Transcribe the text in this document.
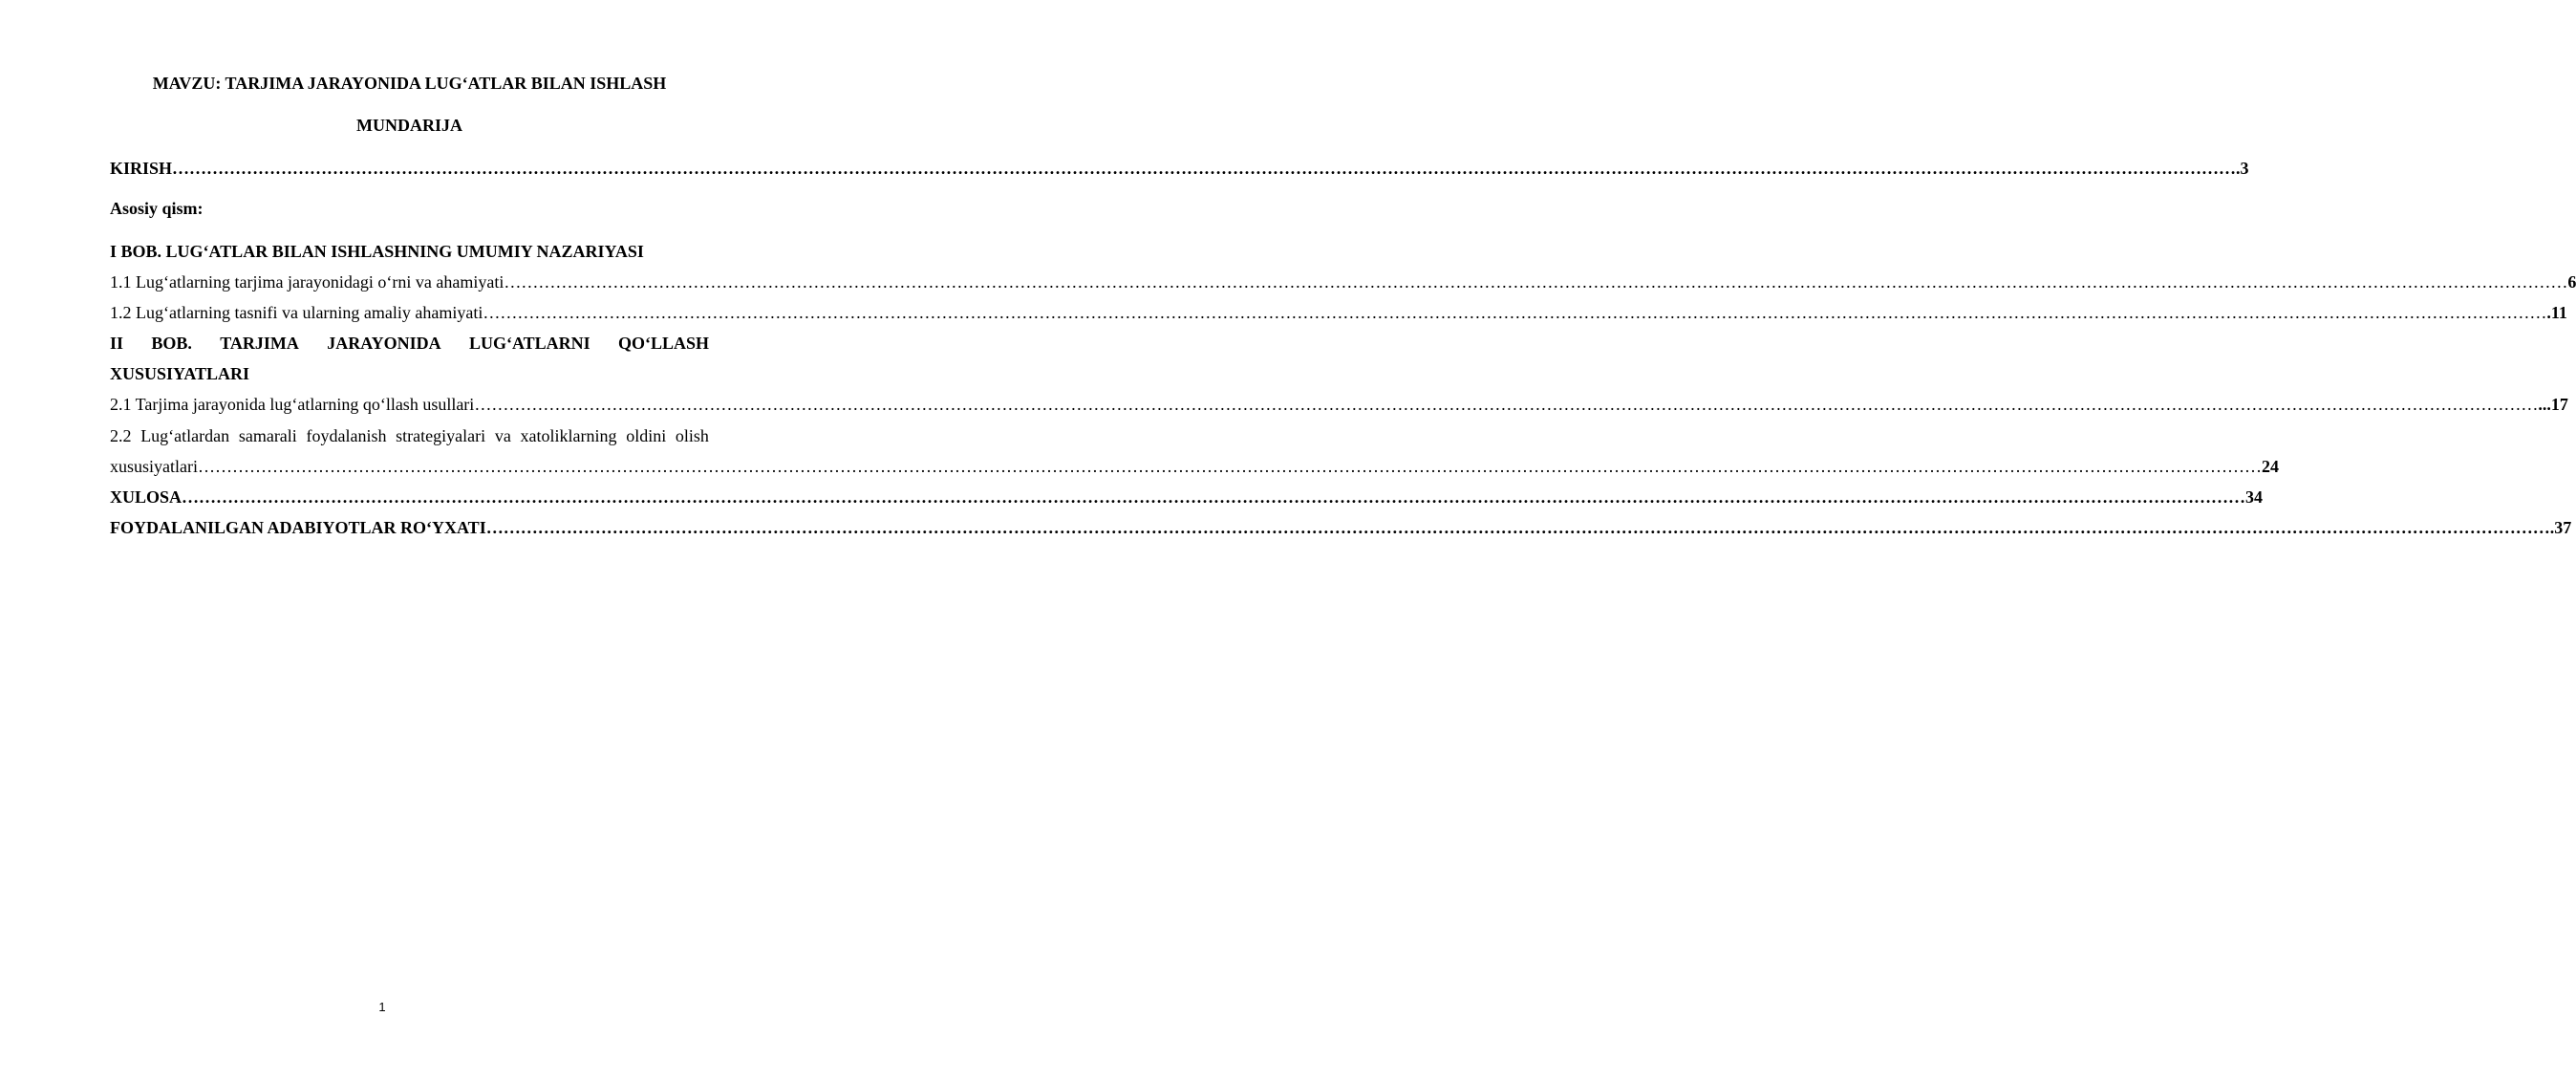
MAVZU: TARJIMA JARAYONIDA LUG‘ATLAR BILAN ISHLASH
MUNDARIJA
KIRISH ……………………………………………………………………………………………………………………………………………………………………………………………………………………………………………………………………………………………………………………………… .3
Asosiy qism:
I BOB. LUG‘ATLAR BILAN ISHLASHNING UMUMIY NAZARIYASI
1.1 Lug‘atlarning tarjima jarayonidagi o‘rni va ahamiyati ……………………………………………………………………………………………………………………………………………………………………………………………………………………………………………………………………………………………………………………………… 6
1.2 Lug‘atlarning tasnifi va ularning amaliy ahamiyati ……………………………………………………………………………………………………………………………………………………………………………………………………………………………………………………………………………………………………………………………… .11
II BOB. TARJIMA JARAYONIDA LUG‘ATLARNI QO‘LLASH
XUSUSIYATLARI
2.1 Tarjima jarayonida lug‘atlarning qo‘llash usullari ……………………………………………………………………………………………………………………………………………………………………………………………………………………………………………………………………………………………………………………………… ...17
2.2 Lug‘atlardan samarali foydalanish strategiyalari va xatoliklarning oldini olish
xususiyatlari ……………………………………………………………………………………………………………………………………………………………………………………………………………………………………………………………………………………………………………………………… 24
XULOSA ……………………………………………………………………………………………………………………………………………………………………………………………………………………………………………………………………………………………………………………………… 34
FOYDALANILGAN ADABIYOTLAR RO‘YXATI ……………………………………………………………………………………………………………………………………………………………………………………………………………………………………………………………………………………………………………………………… .37
1
